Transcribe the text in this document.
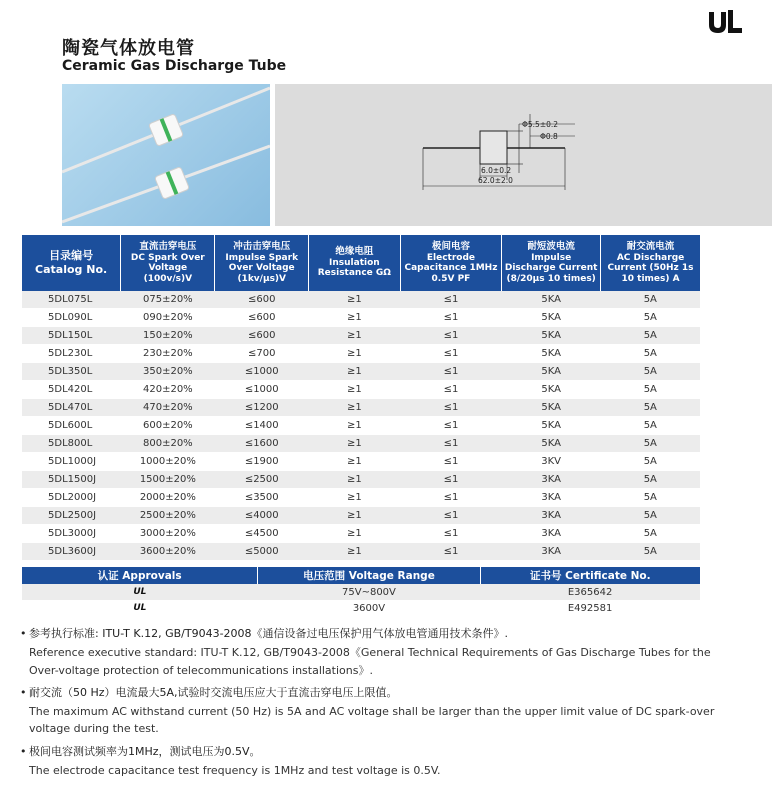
陶瓷气体放电管
Ceramic Gas Discharge Tube
Φ5.5±0.2
Φ0.8
6.0±0.2
62.0±2.0
目录编号
Catalog No.	直流击穿电压
DC Spark Over Voltage (100v/s)V	冲击击穿电压
Impulse Spark Over Voltage (1kv/μs)V	绝缘电阻
Insulation Resistance GΩ	极间电容
Electrode Capacitance 1MHz 0.5V PF	耐短波电流
Impulse Discharge Current (8/20μs 10 times)	耐交流电流
AC Discharge Current (50Hz 1s 10 times) A
5DL075L	075±20%	≤600	≥1	≤1	5KA	5A
5DL090L	090±20%	≤600	≥1	≤1	5KA	5A
5DL150L	150±20%	≤600	≥1	≤1	5KA	5A
5DL230L	230±20%	≤700	≥1	≤1	5KA	5A
5DL350L	350±20%	≤1000	≥1	≤1	5KA	5A
5DL420L	420±20%	≤1000	≥1	≤1	5KA	5A
5DL470L	470±20%	≤1200	≥1	≤1	5KA	5A
5DL600L	600±20%	≤1400	≥1	≤1	5KA	5A
5DL800L	800±20%	≤1600	≥1	≤1	5KA	5A
5DL1000J	1000±20%	≤1900	≥1	≤1	3KV	5A
5DL1500J	1500±20%	≤2500	≥1	≤1	3KA	5A
5DL2000J	2000±20%	≤3500	≥1	≤1	3KA	5A
5DL2500J	2500±20%	≤4000	≥1	≤1	3KA	5A
5DL3000J	3000±20%	≤4500	≥1	≤1	3KA	5A
5DL3600J	3600±20%	≤5000	≥1	≤1	3KA	5A
认证 Approvals	电压范围 Voltage Range	证书号 Certificate No.
UL	75V~800V	E365642
UL	3600V	E492581
• 参考执行标准: ITU-T K.12, GB/T9043-2008《通信设备过电压保护用气体放电管通用技术条件》.
Reference executive standard: ITU-T K.12, GB/T9043-2008《General Technical Requirements of Gas Discharge Tubes for the
Over-voltage protection of telecommunications installations》.
• 耐交流（50 Hz）电流最大5A,试验时交流电压应大于直流击穿电压上限值。
The maximum AC withstand current (50 Hz) is 5A and AC voltage shall be larger than the upper limit value of DC spark-over
voltage during the test.
• 极间电容测试频率为1MHz，测试电压为0.5V。
The electrode capacitance test frequency is 1MHz and test voltage is 0.5V.
